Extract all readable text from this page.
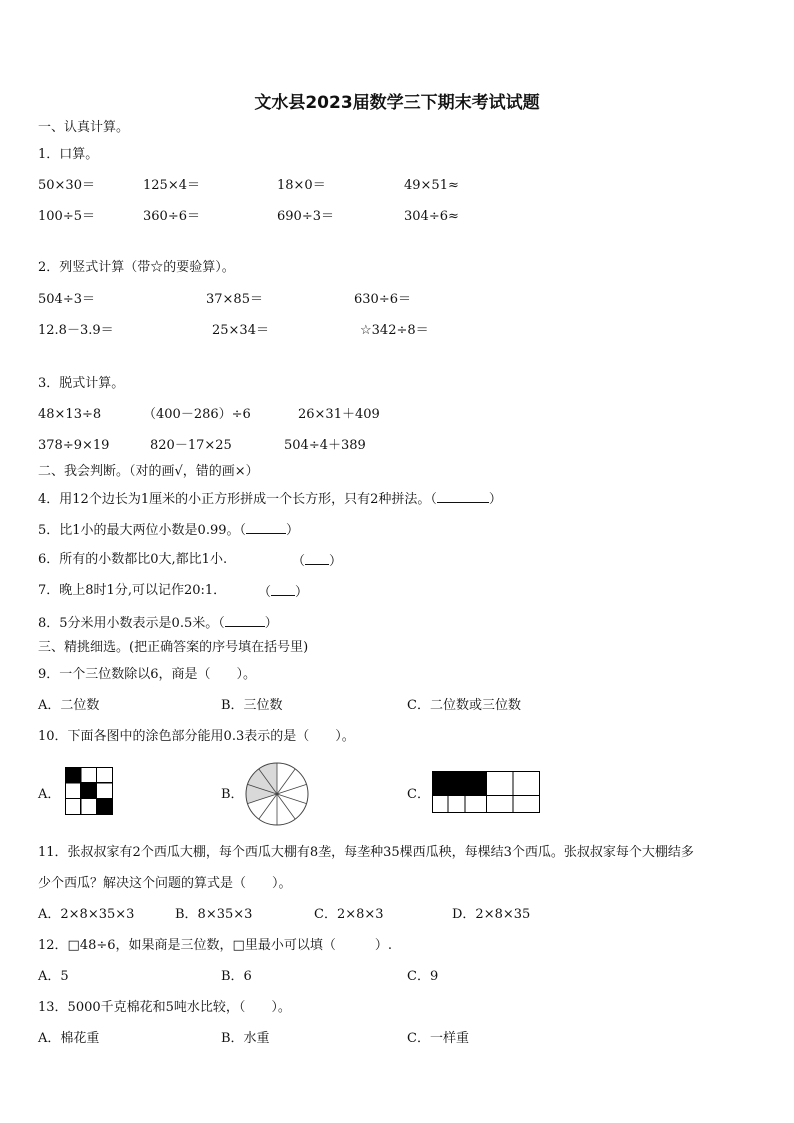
文水县2023届数学三下期末考试试题
一、认真计算。
1．口算。
50×30＝	125×4＝	18×0＝	49×51≈
100÷5＝	360÷6＝	690÷3＝	304÷6≈
2．列竖式计算（带☆的要验算）。
504÷3＝	37×85＝	630÷6＝
12.8－3.9＝	25×34＝	☆342÷8＝
3．脱式计算。
48×13÷8	（400－286）÷6	26×31＋409
378÷9×19	820－17×25	504÷4＋389
二、我会判断。（对的画√，错的画×）
4．用12个边长为1厘米的小正方形拼成一个长方形，只有2种拼法。（	）
5．比1小的最大两位小数是0.99。（	）
6．所有的小数都比0大,都比1小.	（ ）
7．晚上8时1分,可以记作20:1． （ ）
8．5分米用小数表示是0.5米。（	）
三、精挑细选。(把正确答案的序号填在括号里)
9．一个三位数除以6，商是（　　）。
A．二位数	B．三位数	C．二位数或三位数
10．下面各图中的涂色部分能用0.3表示的是（　　）。
A．	B．	C．
11．张叔叔家有2个西瓜大棚，每个西瓜大棚有8垄，每垄种35棵西瓜秧，每棵结3个西瓜。张叔叔家每个大棚结多
少个西瓜？解决这个问题的算式是（　　）。
A．2×8×35×3	B．8×35×3	C．2×8×3	D．2×8×35
12．□48÷6，如果商是三位数，□里最小可以填（　　　）.
A．5	B．6	C．9
13．5000千克棉花和5吨水比较，（　　）。
A．棉花重	B．水重	C．一样重
